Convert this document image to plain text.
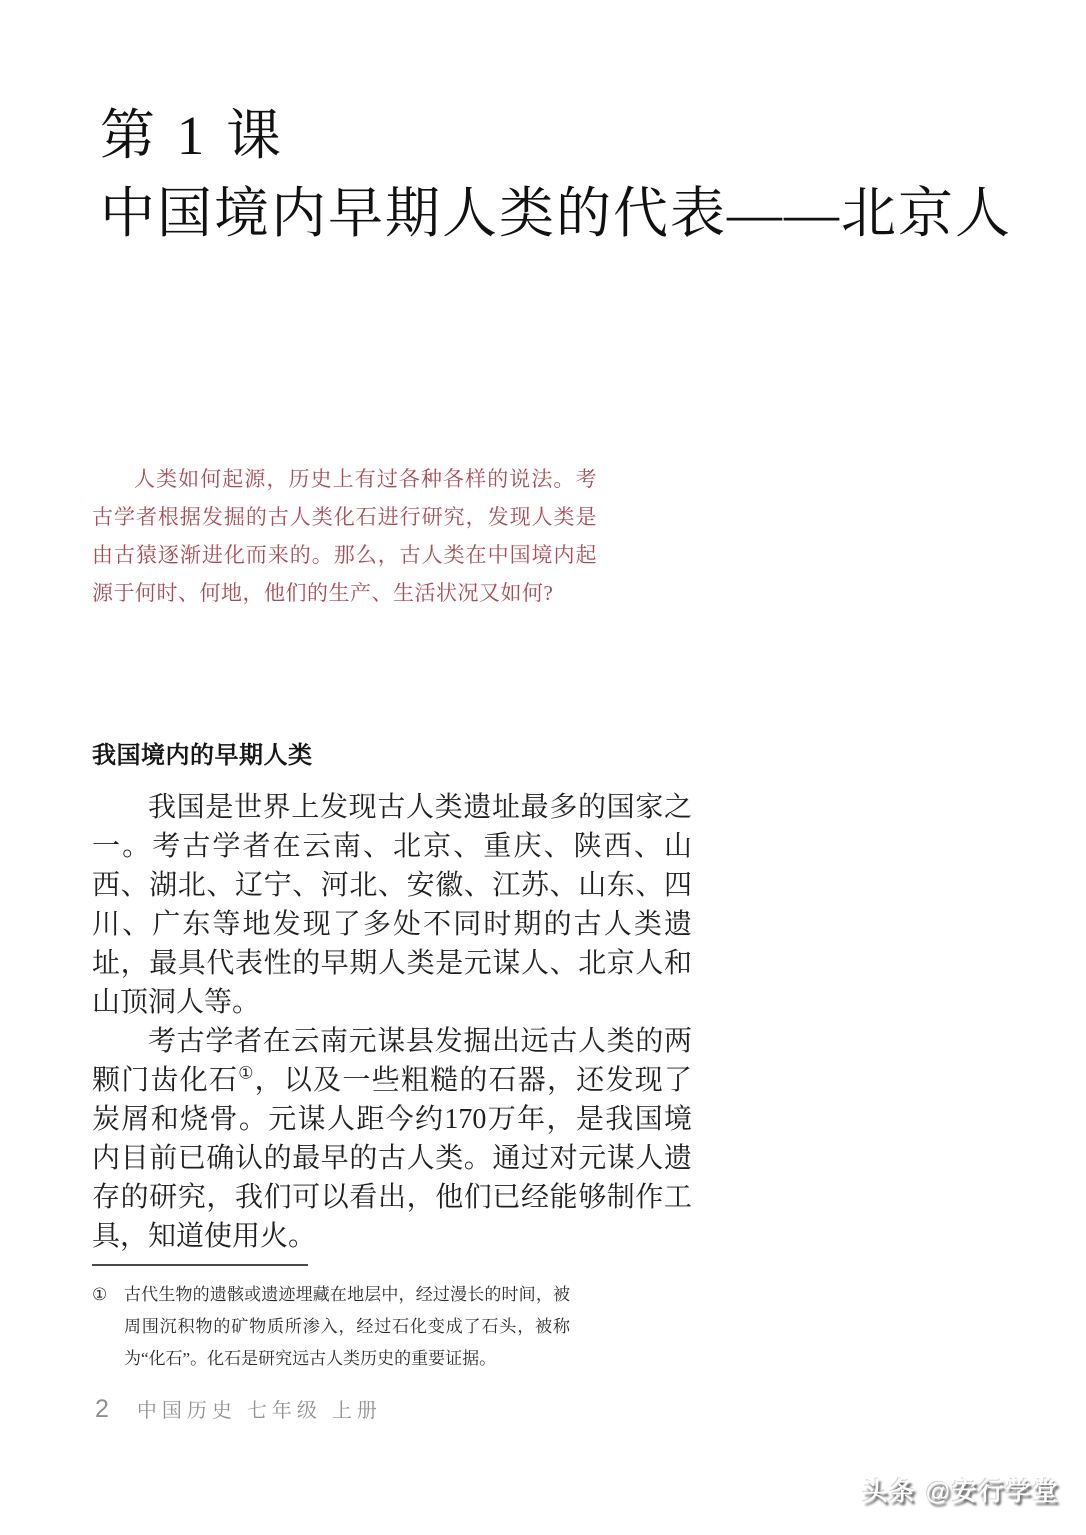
第 1 课
中国境内早期人类的代表——北京人

人类如何起源，历史上有过各种各样的说法。考古学者根据发掘的古人类化石进行研究，发现人类是由古猿逐渐进化而来的。那么，古人类在中国境内起源于何时、何地，他们的生产、生活状况又如何?

我国境内的早期人类

我国是世界上发现古人类遗址最多的国家之一。考古学者在云南、北京、重庆、陕西、山西、湖北、辽宁、河北、安徽、江苏、山东、四川、广东等地发现了多处不同时期的古人类遗址，最具代表性的早期人类是元谋人、北京人和山顶洞人等。

考古学者在云南元谋县发掘出远古人类的两颗门齿化石①，以及一些粗糙的石器，还发现了炭屑和烧骨。元谋人距今约170万年，是我国境内目前已确认的最早的古人类。通过对元谋人遗存的研究，我们可以看出，他们已经能够制作工具，知道使用火。

① 古代生物的遗骸或遗迹埋藏在地层中，经过漫长的时间，被周围沉积物的矿物质所渗入，经过石化变成了石头，被称为“化石”。化石是研究远古人类历史的重要证据。
2 中国历史 七年级 上册
头条 @安行学堂
